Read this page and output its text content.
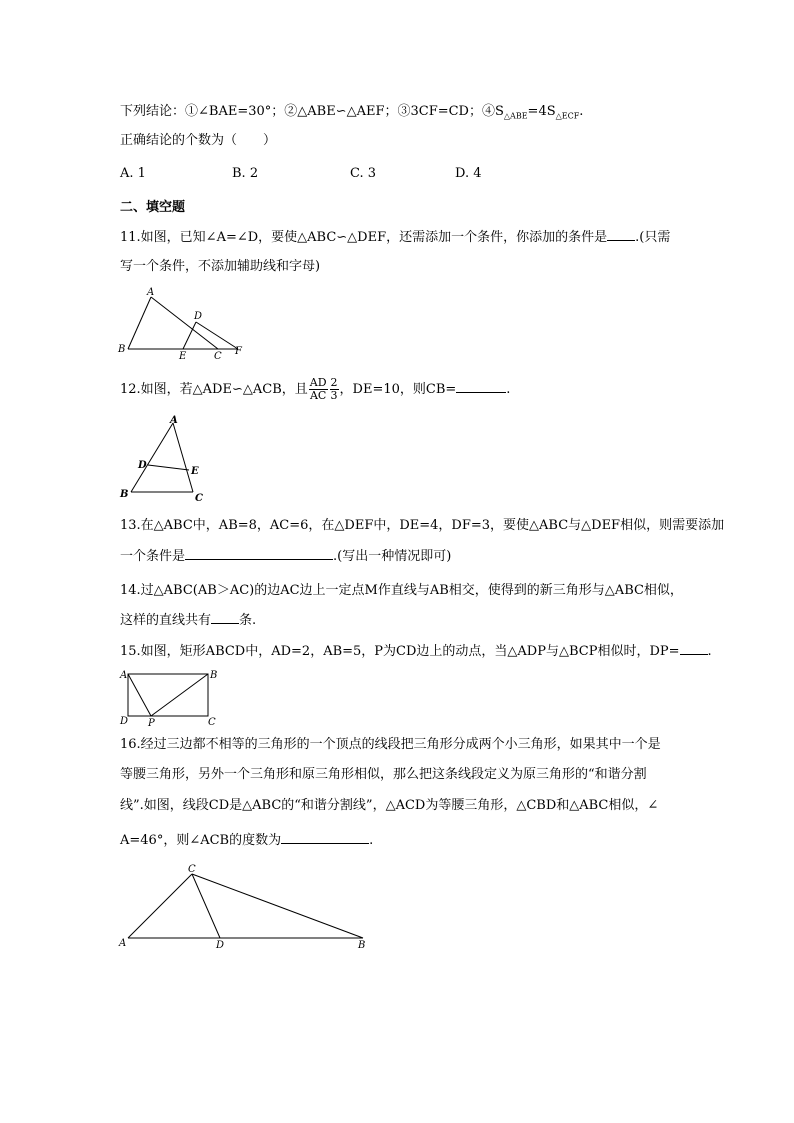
下列结论：①∠BAE=30°；②△ABE∽△AEF；③3CF=CD；$④S_{\triangle ABE}=4S_{\triangle ECF}$.
正确结论的个数为（　　）
A. 1	B. 2	C. 3	D. 4
二、填空题
11.如图，已知∠A=∠D，要使△ABC∽△DEF，还需添加一个条件，你添加的条件是 .(只需
写一个条件，不添加辅助线和字母)
A
D
B
E	C F
12.如图，若△ADE∽△ACB，且 $\frac{AD}{AC} \frac{2}{3}$ ，DE=10，则CB=	.
A
D
E
B	C
13.在△ABC中，AB=8，AC=6，在△DEF中，DE=4，DF=3，要使△ABC与△DEF相似，则需要添加
一个条件是	.(写出一种情况即可)
14.过△ABC(AB＞AC)的边AC边上一定点M作直线与AB相交，使得到的新三角形与△ABC相似，
这样的直线共有 条.
15.如图，矩形ABCD中，AD=2，AB=5，P为CD边上的动点，当△ADP与△BCP相似时，DP= .
A	B
D P	C
16.经过三边都不相等的三角形的一个顶点的线段把三角形分成两个小三角形，如果其中一个是
等腰三角形，另外一个三角形和原三角形相似，那么把这条线段定义为原三角形的“和谐分割
线”.如图，线段CD是△ABC的“和谐分割线”，△ACD为等腰三角形，△CBD和△ABC相似，∠
A=46°，则∠ACB的度数为	.
C
A	D	B
